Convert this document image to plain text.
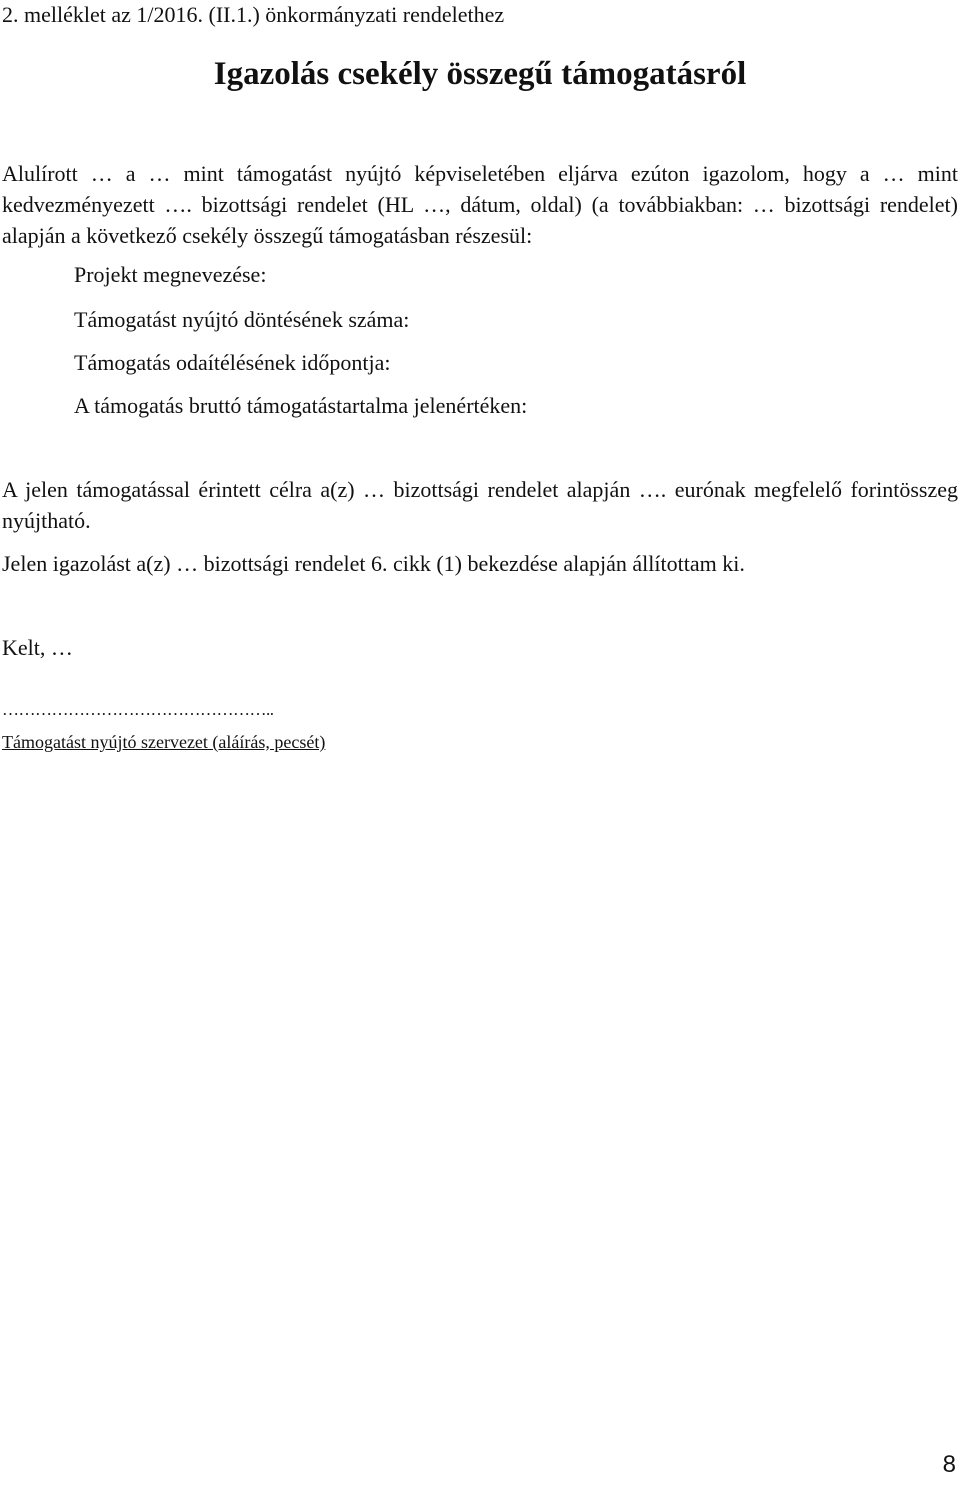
2. melléklet az 1/2016. (II.1.) önkormányzati rendelethez
Igazolás csekély összegű támogatásról
Alulírott … a … mint támogatást nyújtó képviseletében eljárva ezúton igazolom, hogy a … mint kedvezményezett …. bizottsági rendelet (HL …, dátum, oldal) (a továbbiakban: … bizottsági rendelet) alapján a következő csekély összegű támogatásban részesül:
Projekt megnevezése:
Támogatást nyújtó döntésének száma:
Támogatás odaítélésének időpontja:
A támogatás bruttó támogatástartalma jelenértéken:
A jelen támogatással érintett célra a(z) … bizottsági rendelet alapján …. eurónak megfelelő forintösszeg nyújtható.
Jelen igazolást a(z) … bizottsági rendelet 6. cikk (1) bekezdése alapján állítottam ki.
Kelt, …
…………………………………………..
Támogatást nyújtó szervezet (aláírás, pecsét)
8
